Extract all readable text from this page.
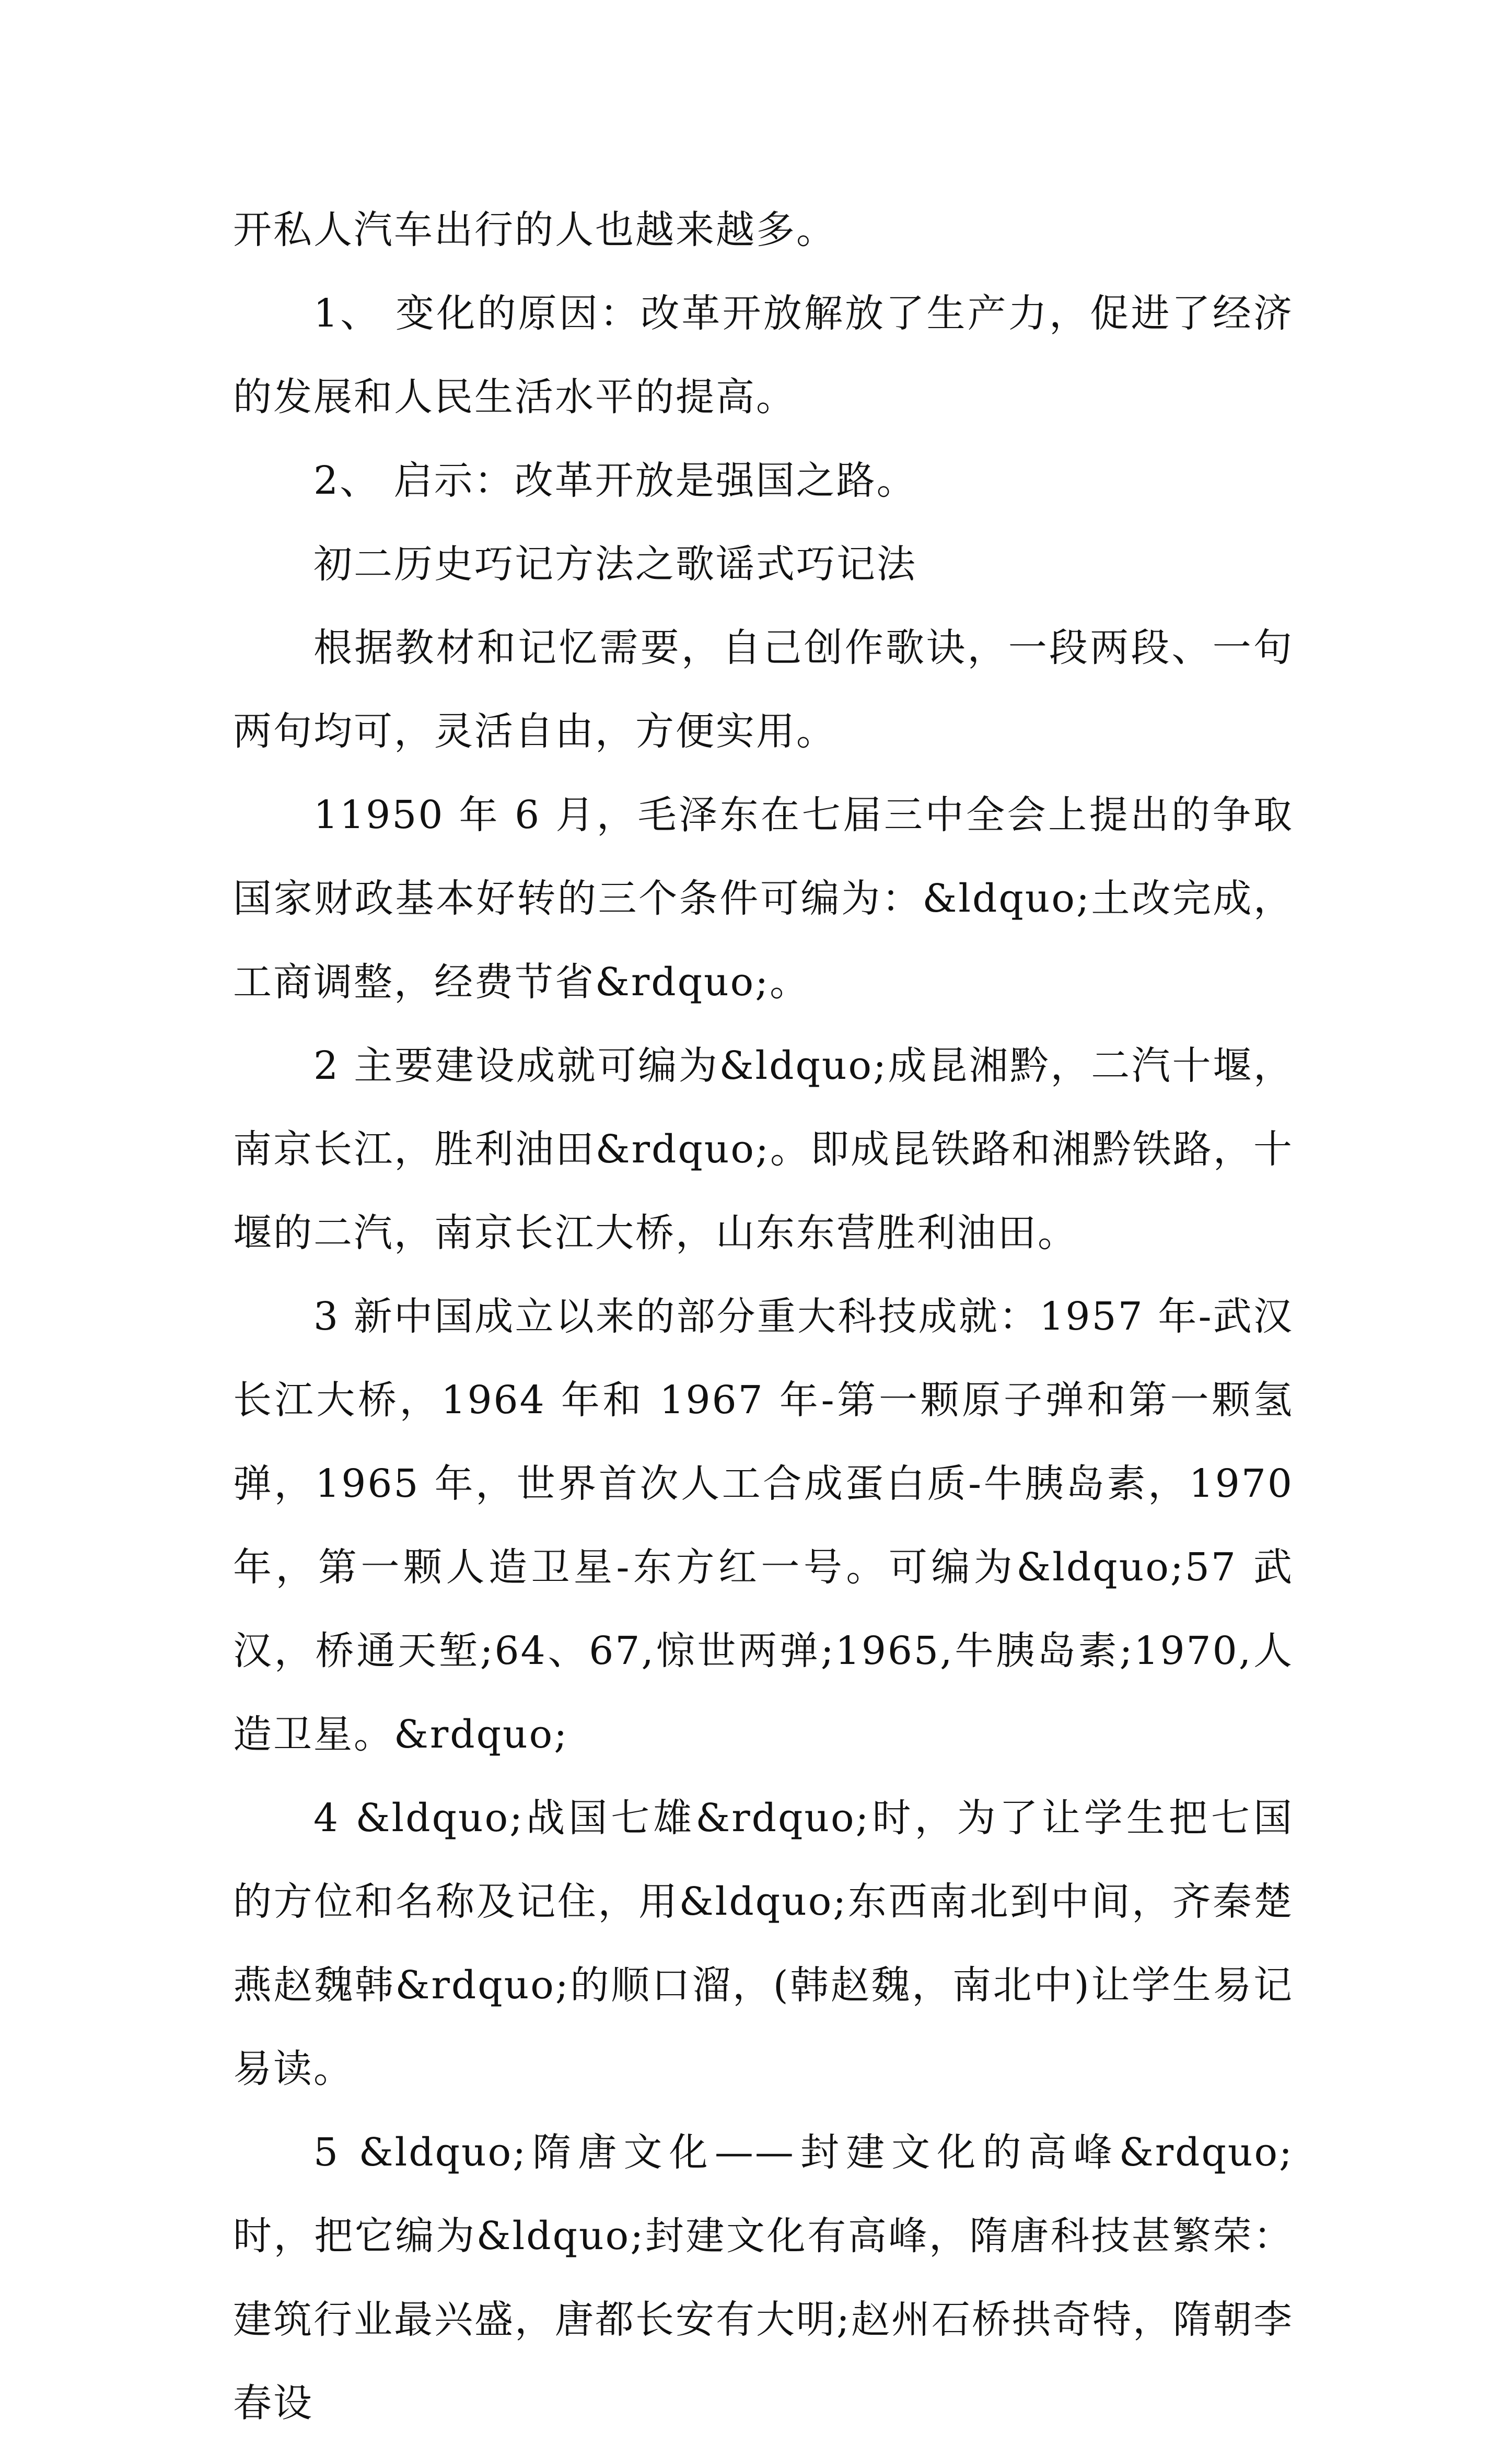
开私人汽车出行的人也越来越多。

1、 变化的原因：改革开放解放了生产力，促进了经济的发展和人民生活水平的提高。

2、 启示：改革开放是强国之路。

初二历史巧记方法之歌谣式巧记法

根据教材和记忆需要，自己创作歌诀，一段两段、一句两句均可，灵活自由，方便实用。

11950 年 6 月，毛泽东在七届三中全会上提出的争取国家财政基本好转的三个条件可编为：&ldquo;土改完成，工商调整，经费节省&rdquo;。

2 主要建设成就可编为&ldquo;成昆湘黔，二汽十堰，南京长江，胜利油田&rdquo;。即成昆铁路和湘黔铁路，十堰的二汽，南京长江大桥，山东东营胜利油田。

3 新中国成立以来的部分重大科技成就：1957 年-武汉长江大桥，1964 年和 1967 年-第一颗原子弹和第一颗氢弹，1965 年，世界首次人工合成蛋白质-牛胰岛素，1970 年，第一颗人造卫星-东方红一号。可编为&ldquo;57 武汉，桥通天堑;64、67,惊世两弹;1965,牛胰岛素;1970,人造卫星。&rdquo;

4 &ldquo;战国七雄&rdquo;时，为了让学生把七国的方位和名称及记住，用&ldquo;东西南北到中间，齐秦楚燕赵魏韩&rdquo;的顺口溜，(韩赵魏，南北中)让学生易记易读。

5 &ldquo;隋唐文化——封建文化的高峰&rdquo;时，把它编为&ldquo;封建文化有高峰，隋唐科技甚繁荣：建筑行业最兴盛，唐都长安有大明;赵州石桥拱奇特，隋朝李春设
